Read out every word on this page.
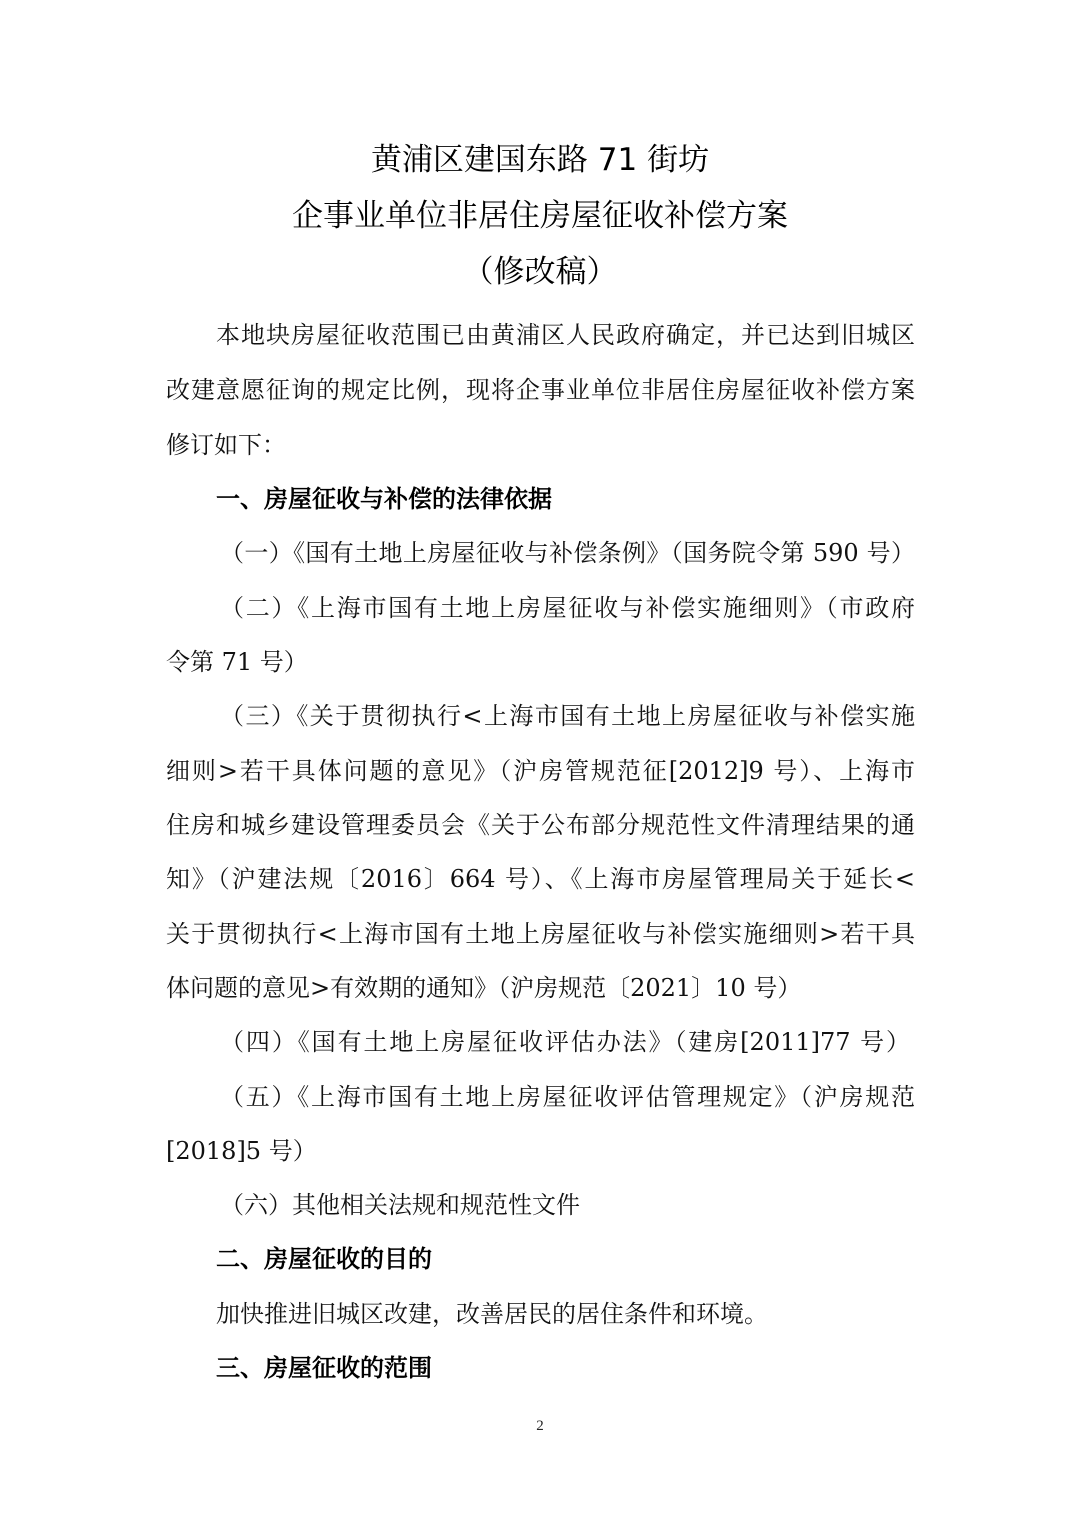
黄浦区建国东路 71 街坊
企事业单位非居住房屋征收补偿方案
（修改稿）
本地块房屋征收范围已由黄浦区人民政府确定，并已达到旧城区
改建意愿征询的规定比例，现将企事业单位非居住房屋征收补偿方案
修订如下：
一、房屋征收与补偿的法律依据
（一）《国有土地上房屋征收与补偿条例》（国务院令第 590 号）
（二）《上海市国有土地上房屋征收与补偿实施细则》（市政府
令第 71 号）
（三）《关于贯彻执行<上海市国有土地上房屋征收与补偿实施
细则>若干具体问题的意见》（沪房管规范征[2012]9 号）、上海市
住房和城乡建设管理委员会《关于公布部分规范性文件清理结果的通
知》（沪建法规〔2016〕664 号）、《上海市房屋管理局关于延长<
关于贯彻执行<上海市国有土地上房屋征收与补偿实施细则>若干具
体问题的意见>有效期的通知》（沪房规范〔2021〕10 号）
（四）《国有土地上房屋征收评估办法》（建房[2011]77 号）
（五）《上海市国有土地上房屋征收评估管理规定》（沪房规范
[2018]5 号）
（六）其他相关法规和规范性文件
二、房屋征收的目的
加快推进旧城区改建，改善居民的居住条件和环境。
三、房屋征收的范围
2
